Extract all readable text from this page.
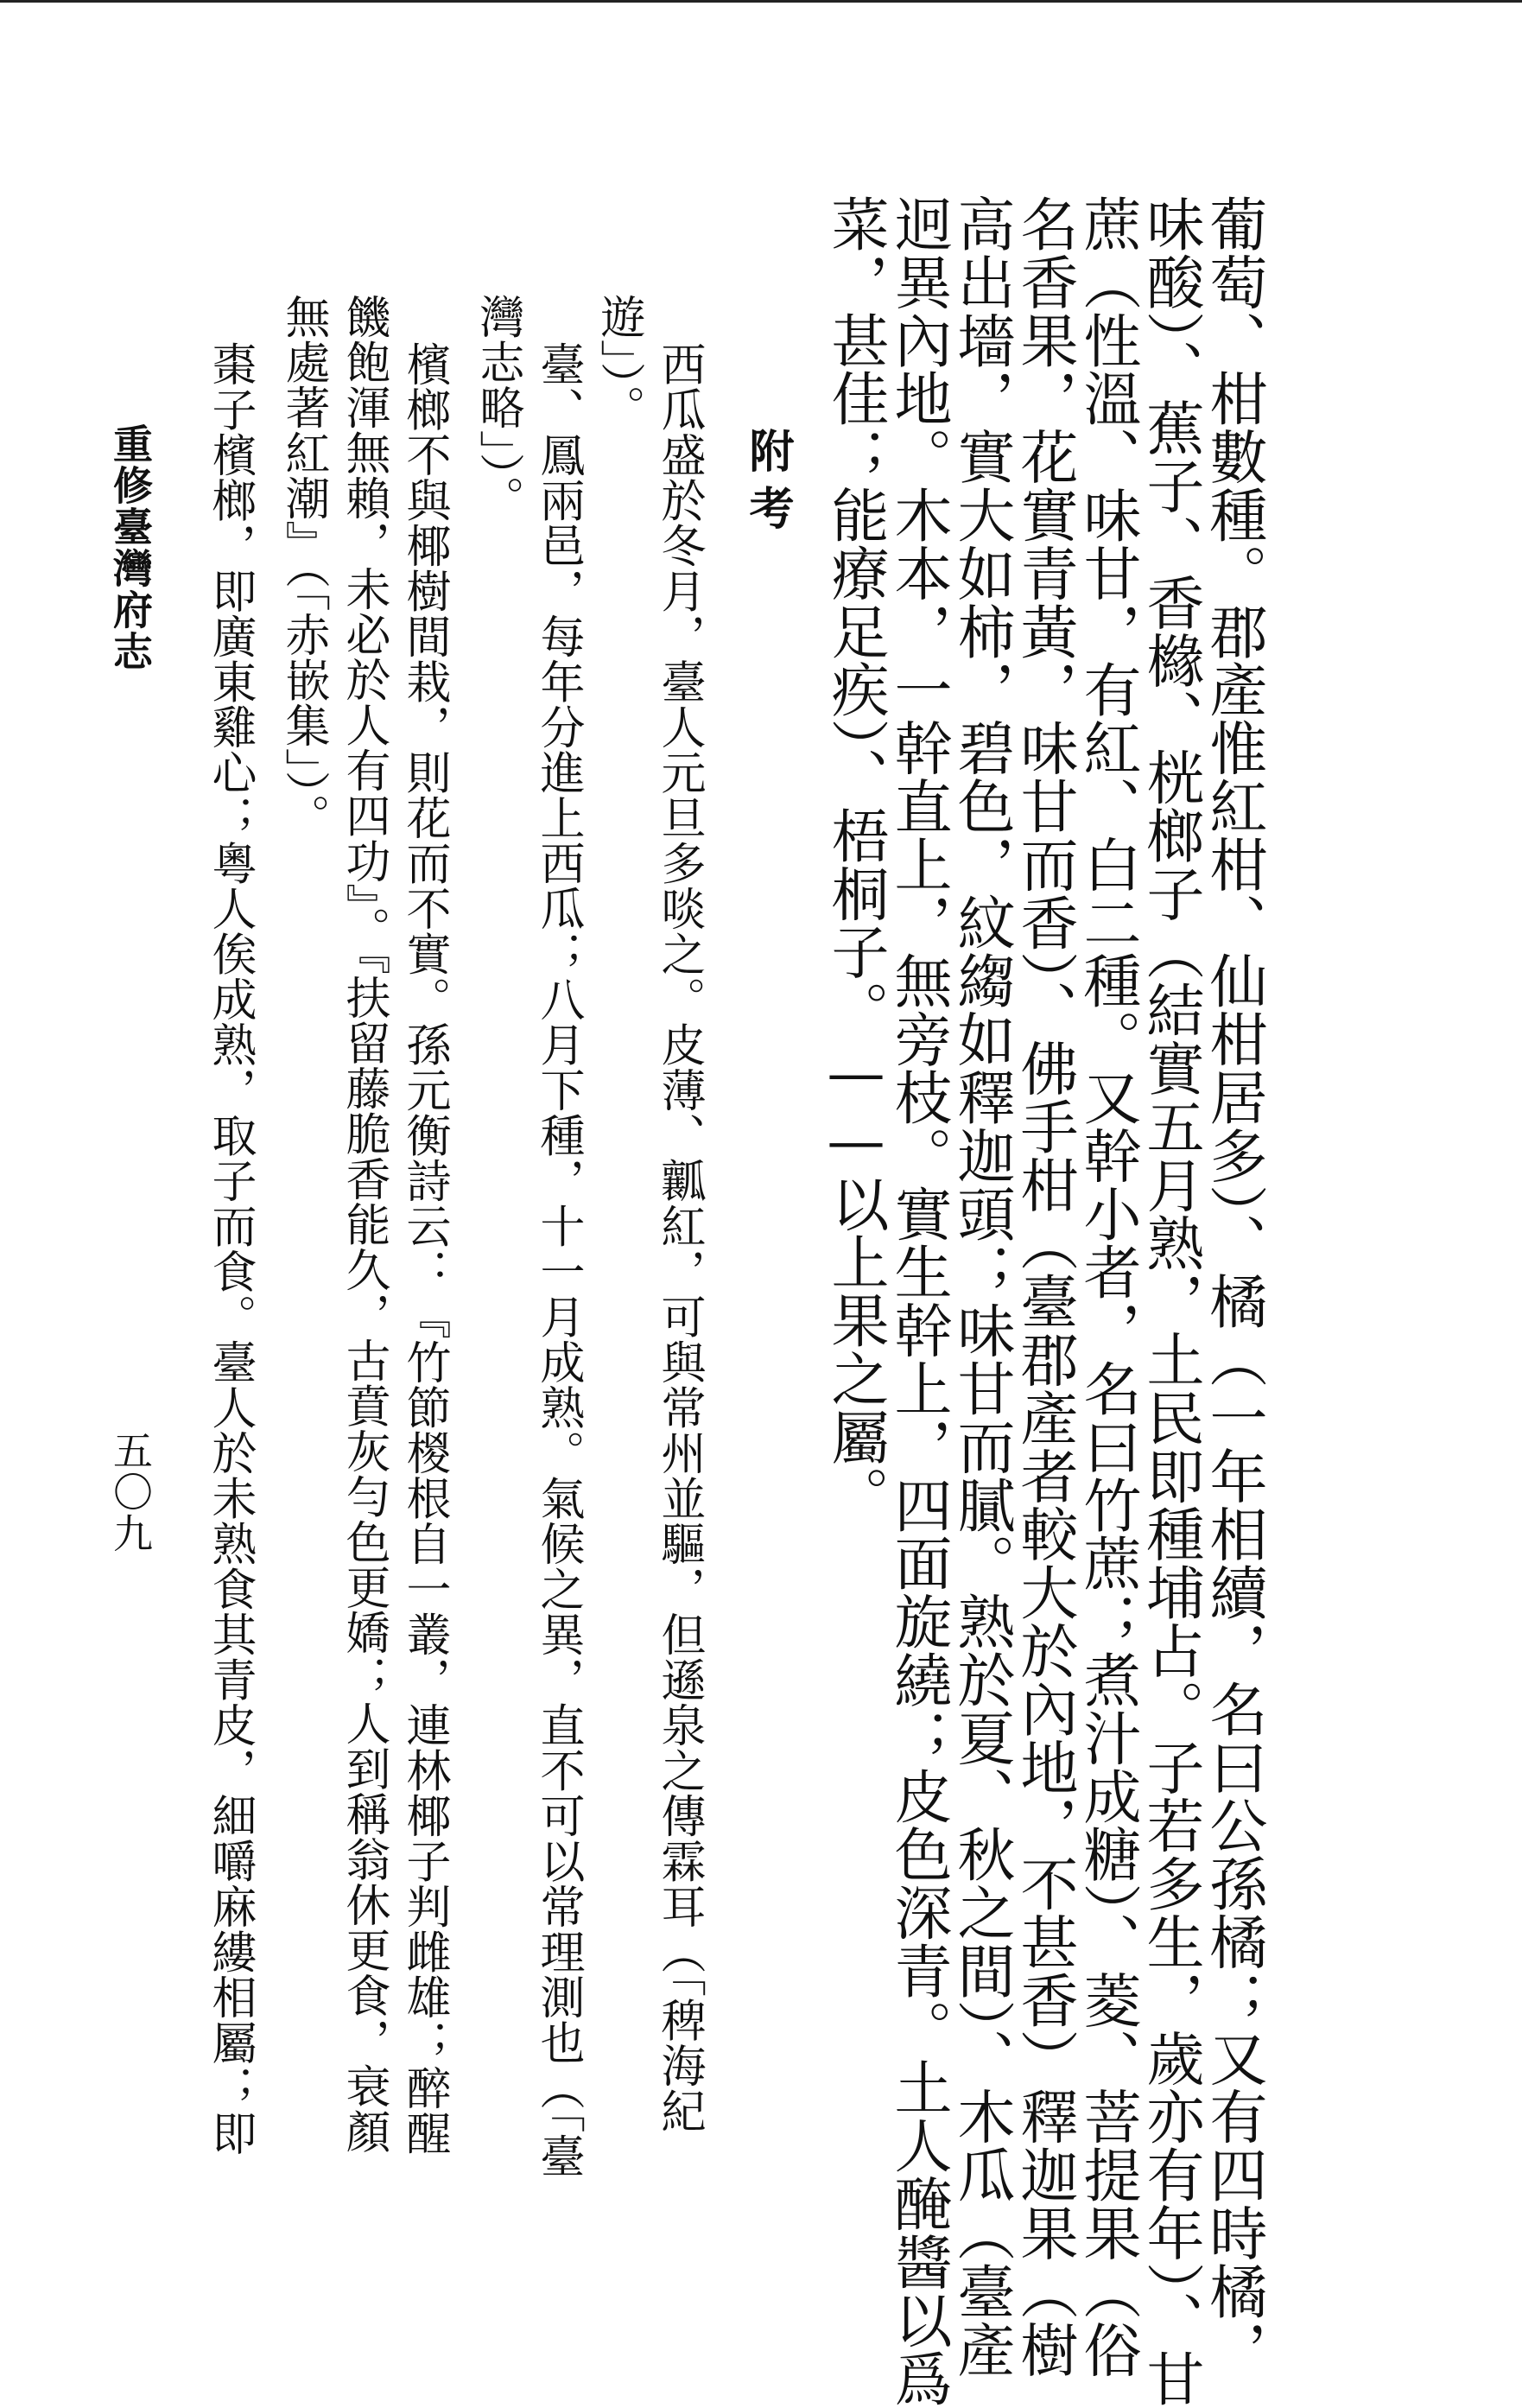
葡萄、柑數種。郡產惟紅柑、仙柑居多）、橘（一年相續，名曰公孫橘；又有四時橘，

味酸）、蕉子、香櫞、桄榔子（結實五月熟，土民即種埔占。子若多生，歲亦有年）、甘

蔗（性溫、味甘，有紅、白二種。又幹小者，名曰竹蔗；煮汁成糖）、菱、菩提果（俗

名香果，花實青黃，味甘而香）、佛手柑（臺郡產者較大於內地，不甚香）釋迦果（樹

高出墻，實大如柿，碧色，紋縐如釋迦頭；味甘而膩。熟於夏、秋之間）、木瓜（臺產

迥異內地。木本，一幹直上，無旁枝。實生幹上，四面旋繞；皮色深青。土人醃醬以爲

菜，甚佳；能療足疾）、梧桐子。——以上果之屬。

附考

西瓜盛於冬月，臺人元旦多啖之。皮薄、瓤紅，可與常州並驅，但遜泉之傳霖耳（「稗海紀

遊」）。

臺、鳳兩邑，每年分進上西瓜；八月下種，十一月成熟。氣候之異，直不可以常理測也（「臺

灣志略」）。

檳榔不與椰樹間栽，則花而不實。孫元衡詩云：『竹節椶根自一叢，連林椰子判雌雄；醉醒

饑飽渾無賴，未必於人有四功』。『扶留藤脆香能久，古賁灰勻色更嬌；人到稱翁休更食，衰顏

無處著紅潮』（「赤嵌集」）。

棗子檳榔，即廣東雞心；粵人俟成熟，取子而食。臺人於未熟食其青皮，細嚼麻縷相屬；即

重修臺灣府志
五〇九
